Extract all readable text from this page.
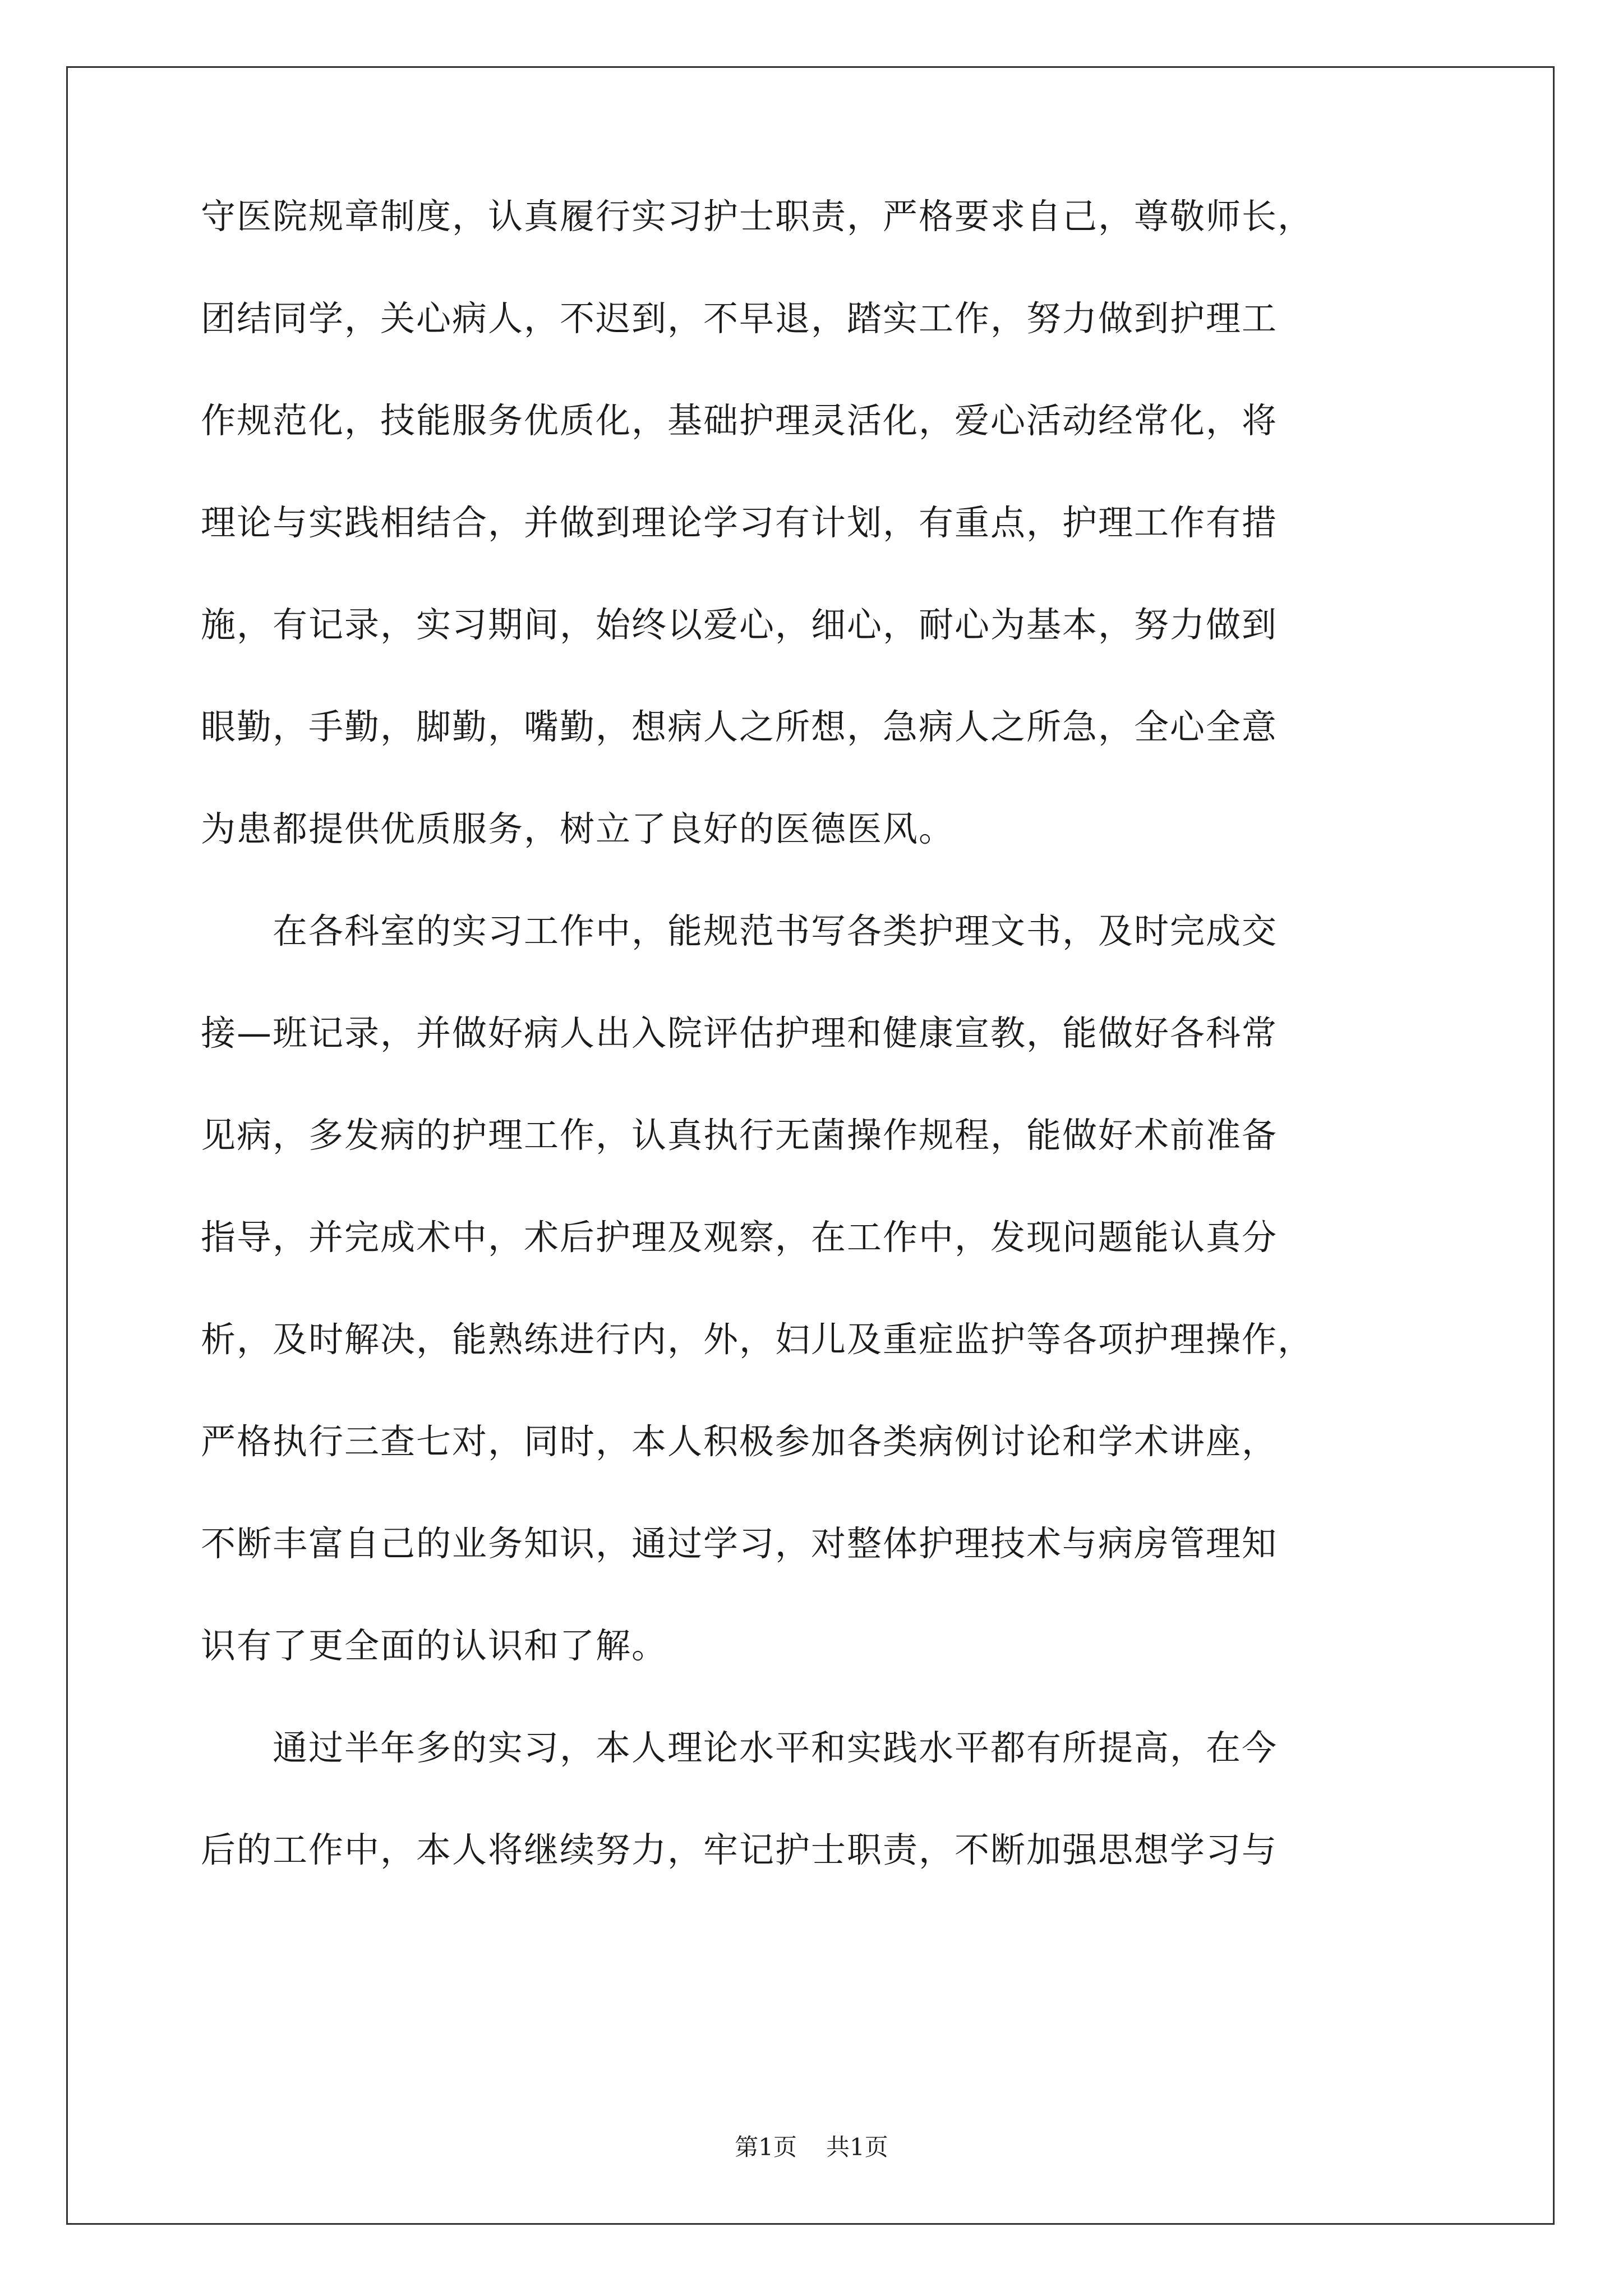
守医院规章制度，认真履行实习护士职责，严格要求自己，尊敬师长，
团结同学，关心病人，不迟到，不早退，踏实工作，努力做到护理工
作规范化，技能服务优质化，基础护理灵活化，爱心活动经常化，将
理论与实践相结合，并做到理论学习有计划，有重点，护理工作有措
施，有记录，实习期间，始终以爱心，细心，耐心为基本，努力做到
眼勤，手勤，脚勤，嘴勤，想病人之所想，急病人之所急，全心全意
为患都提供优质服务，树立了良好的医德医风。
　　在各科室的实习工作中，能规范书写各类护理文书，及时完成交
接—班记录，并做好病人出入院评估护理和健康宣教，能做好各科常
见病，多发病的护理工作，认真执行无菌操作规程，能做好术前准备
指导，并完成术中，术后护理及观察，在工作中，发现问题能认真分
析，及时解决，能熟练进行内，外，妇儿及重症监护等各项护理操作，
严格执行三查七对，同时，本人积极参加各类病例讨论和学术讲座，
不断丰富自己的业务知识，通过学习，对整体护理技术与病房管理知
识有了更全面的认识和了解。
　　通过半年多的实习，本人理论水平和实践水平都有所提高，在今
后的工作中，本人将继续努力，牢记护士职责，不断加强思想学习与
第1页 共1页
